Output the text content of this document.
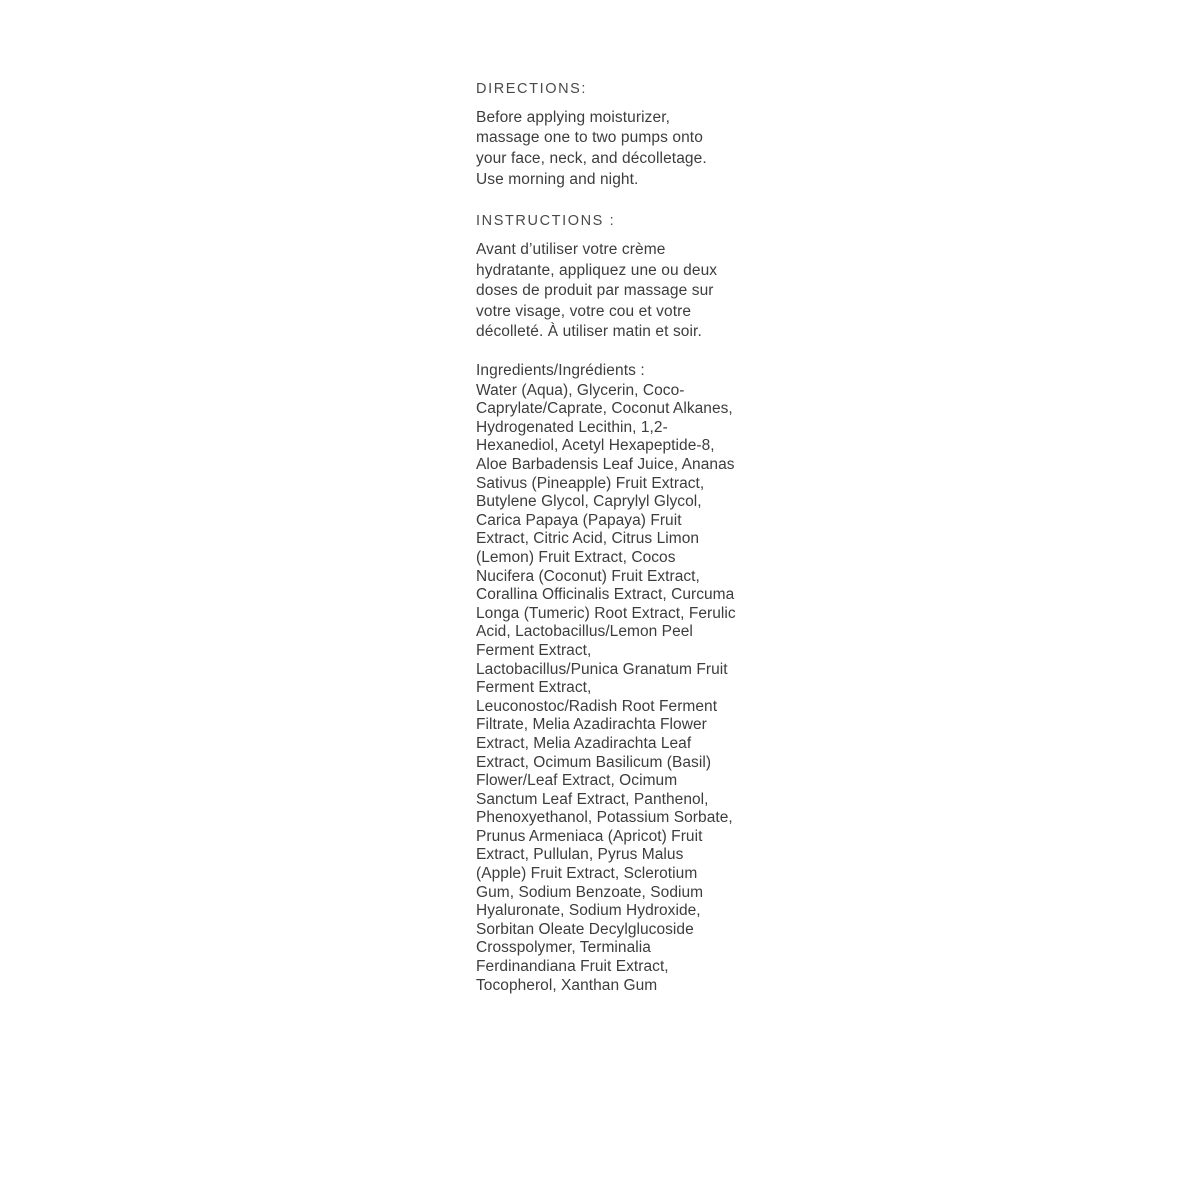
DIRECTIONS:

Before applying moisturizer, massage one to two pumps onto your face, neck, and décolletage. Use morning and night.

INSTRUCTIONS :

Avant d’utiliser votre crème hydratante, appliquez une ou deux doses de produit par massage sur votre visage, votre cou et votre décolleté. À utiliser matin et soir.

Ingredients/Ingrédients :

Water (Aqua), Glycerin, Coco-Caprylate/Caprate, Coconut Alkanes, Hydrogenated Lecithin, 1,2-Hexanediol, Acetyl Hexapeptide-8, Aloe Barbadensis Leaf Juice, Ananas Sativus (Pineapple) Fruit Extract, Butylene Glycol, Caprylyl Glycol, Carica Papaya (Papaya) Fruit Extract, Citric Acid, Citrus Limon (Lemon) Fruit Extract, Cocos Nucifera (Coconut) Fruit Extract, Corallina Officinalis Extract, Curcuma Longa (Tumeric) Root Extract, Ferulic Acid, Lactobacillus/Lemon Peel Ferment Extract, Lactobacillus/Punica Granatum Fruit Ferment Extract, Leuconostoc/Radish Root Ferment Filtrate, Melia Azadirachta Flower Extract, Melia Azadirachta Leaf Extract, Ocimum Basilicum (Basil) Flower/Leaf Extract, Ocimum Sanctum Leaf Extract, Panthenol, Phenoxyethanol, Potassium Sorbate, Prunus Armeniaca (Apricot) Fruit Extract, Pullulan, Pyrus Malus (Apple) Fruit Extract, Sclerotium Gum, Sodium Benzoate, Sodium Hyaluronate, Sodium Hydroxide, Sorbitan Oleate Decylglucoside Crosspolymer, Terminalia Ferdinandiana Fruit Extract, Tocopherol, Xanthan Gum
